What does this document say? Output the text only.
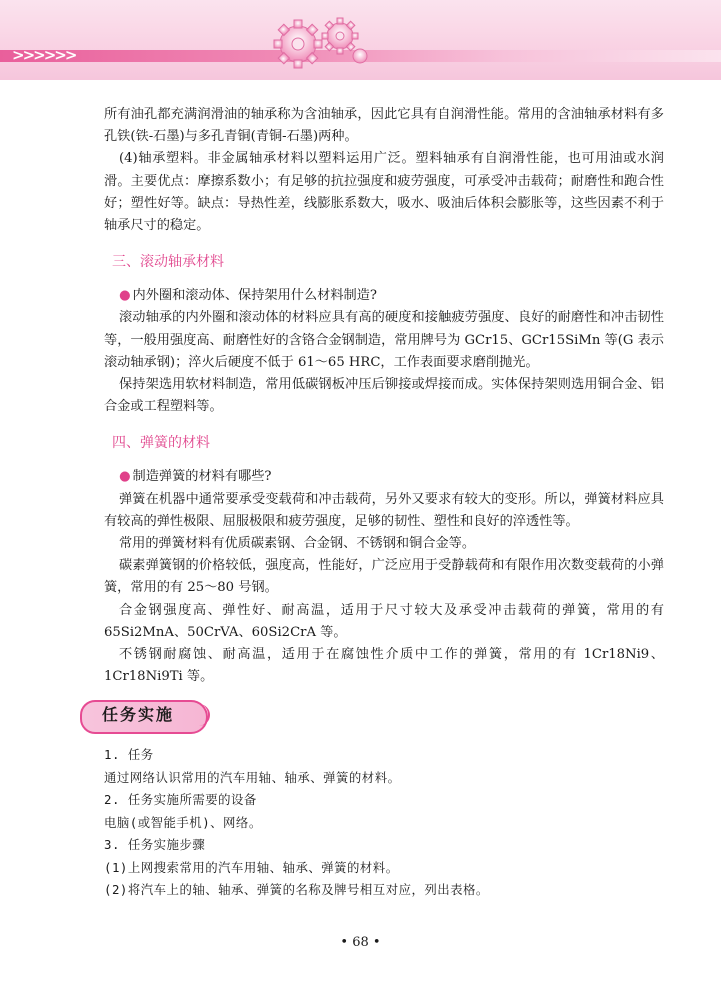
>>>>>>

所有油孔都充满润滑油的轴承称为含油轴承，因此它具有自润滑性能。常用的含油轴承材料有多孔铁(铁-石墨)与多孔青铜(青铜-石墨)两种。

(4)轴承塑料。非金属轴承材料以塑料运用广泛。塑料轴承有自润滑性能，也可用油或水润滑。主要优点：摩擦系数小；有足够的抗拉强度和疲劳强度，可承受冲击载荷；耐磨性和跑合性好；塑性好等。缺点：导热性差，线膨胀系数大，吸水、吸油后体积会膨胀等，这些因素不利于轴承尺寸的稳定。

三、滚动轴承材料

● 内外圈和滚动体、保持架用什么材料制造?

滚动轴承的内外圈和滚动体的材料应具有高的硬度和接触疲劳强度、良好的耐磨性和冲击韧性等，一般用强度高、耐磨性好的含铬合金钢制造，常用牌号为 GCr15、GCr15SiMn 等(G 表示滚动轴承钢)；淬火后硬度不低于 61～65 HRC，工作表面要求磨削抛光。

保持架选用软材料制造，常用低碳钢板冲压后铆接或焊接而成。实体保持架则选用铜合金、铝合金或工程塑料等。

四、弹簧的材料

● 制造弹簧的材料有哪些?

弹簧在机器中通常要承受变载荷和冲击载荷，另外又要求有较大的变形。所以，弹簧材料应具有较高的弹性极限、屈服极限和疲劳强度，足够的韧性、塑性和良好的淬透性等。

常用的弹簧材料有优质碳素钢、合金钢、不锈钢和铜合金等。

碳素弹簧钢的价格较低，强度高，性能好，广泛应用于受静载荷和有限作用次数变载荷的小弹簧，常用的有 25～80 号钢。

合金钢强度高、弹性好、耐高温，适用于尺寸较大及承受冲击载荷的弹簧，常用的有 65Si2MnA、50CrVA、60Si2CrA 等。

不锈钢耐腐蚀、耐高温，适用于在腐蚀性介质中工作的弹簧，常用的有 1Cr18Ni9、1Cr18Ni9Ti 等。

任务实施

1. 任务

通过网络认识常用的汽车用轴、轴承、弹簧的材料。

2. 任务实施所需要的设备

电脑(或智能手机)、网络。

3. 任务实施步骤

(1)上网搜索常用的汽车用轴、轴承、弹簧的材料。

(2)将汽车上的轴、轴承、弹簧的名称及牌号相互对应，列出表格。

• 68 •
